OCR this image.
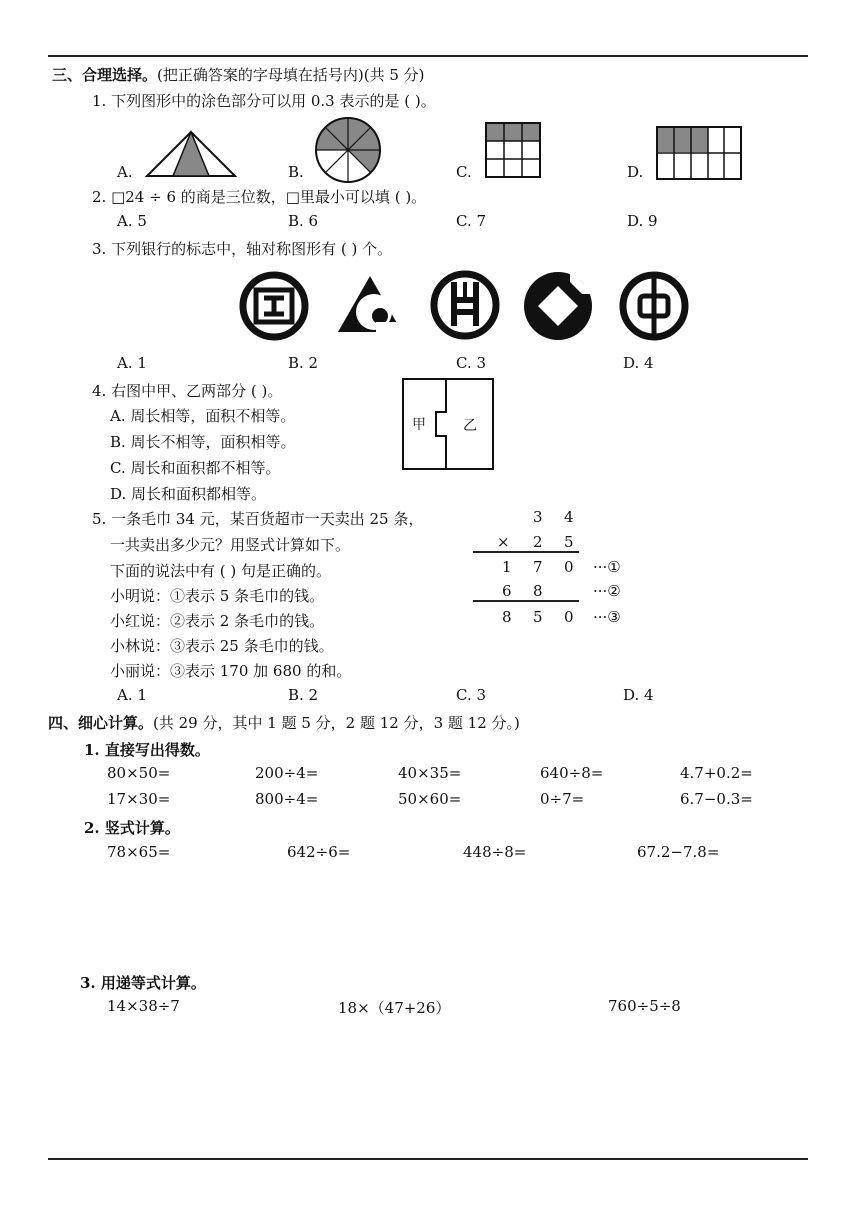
三、合理选择。(把正确答案的字母填在括号内)(共 5 分)
1. 下列图形中的涂色部分可以用 0.3 表示的是 ( )。
A.	B.	C.	D.
2. □24 ÷ 6 的商是三位数，□里最小可以填 ( )。
A. 5	B. 6	C. 7	D. 9
3. 下列银行的标志中，轴对称图形有 ( ) 个。
A. 1	B. 2	C. 3	D. 4
4. 右图中甲、乙两部分 ( )。
A. 周长相等，面积不相等。
B. 周长不相等，面积相等。
C. 周长和面积都不相等。
D. 周长和面积都相等。
甲	乙
5. 一条毛巾 34 元，某百货超市一天卖出 25 条，
一共卖出多少元？用竖式计算如下。
下面的说法中有 ( ) 句是正确的。
小明说：①表示 5 条毛巾的钱。
小红说：②表示 2 条毛巾的钱。
小林说：③表示 25 条毛巾的钱。
小丽说：③表示 170 加 680 的和。
3 4
× 2 5
1 7 0 ···①
6 8	···②
8 5 0 ···③
A. 1	B. 2	C. 3	D. 4
四、细心计算。(共 29 分，其中 1 题 5 分，2 题 12 分，3 题 12 分。)
1. 直接写出得数。
80×50=	200÷4=	40×35=	640÷8=	4.7+0.2=
17×30=	800÷4=	50×60=	0÷7=	6.7−0.3=
2. 竖式计算。
78×65=	642÷6=	448÷8=	67.2−7.8=
3. 用递等式计算。
14×38÷7	18×（47+26）	760÷5÷8
